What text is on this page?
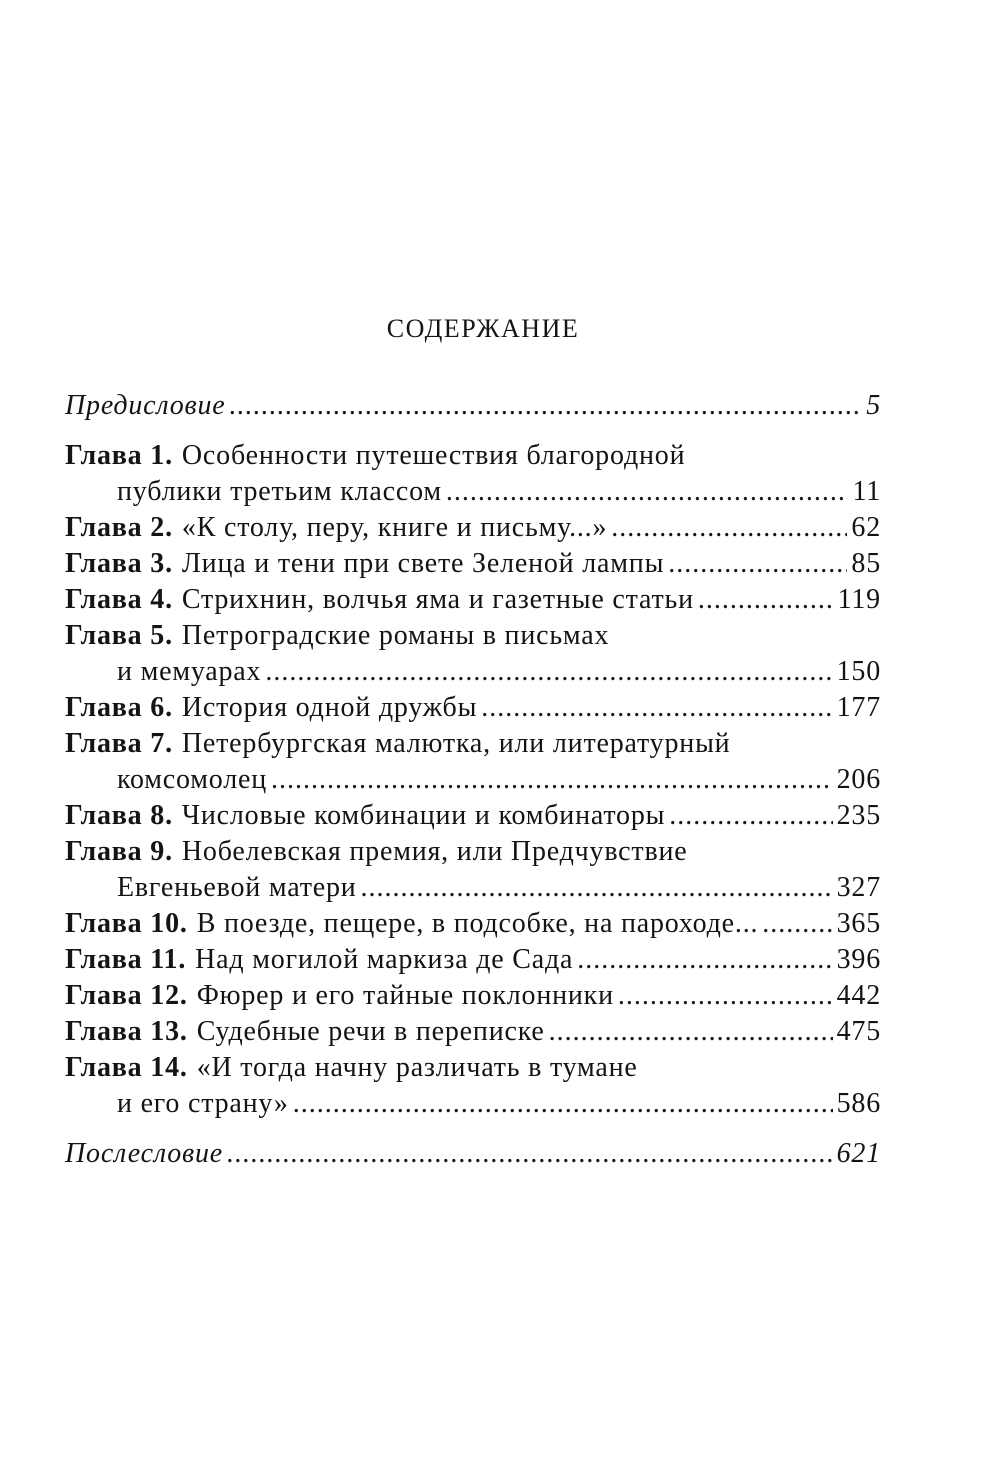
СОДЕРЖАНИЕ
Предисловие .....	5
Глава 1. Особенности путешествия благородной
публики третьим классом .....	11
Глава 2. «К столу, перу, книге и письму...» .....	62
Глава 3. Лица и тени при свете Зеленой лампы .....	85
Глава 4. Стрихнин, волчья яма и газетные статьи .....	119
Глава 5. Петроградские романы в письмах
и мемуарах .....	150
Глава 6. История одной дружбы .....	177
Глава 7. Петербургская малютка, или литературный
комсомолец .....	206
Глава 8. Числовые комбинации и комбинаторы .....	235
Глава 9. Нобелевская премия, или Предчувствие
Евгеньевой матери .....	327
Глава 10. В поезде, пещере, в подсобке, на пароходе... .....	365
Глава 11. Над могилой маркиза де Сада .....	396
Глава 12. Фюрер и его тайные поклонники .....	442
Глава 13. Судебные речи в переписке .....	475
Глава 14. «И тогда начну различать в тумане
и его страну» .....	586
Послесловие .....	621
